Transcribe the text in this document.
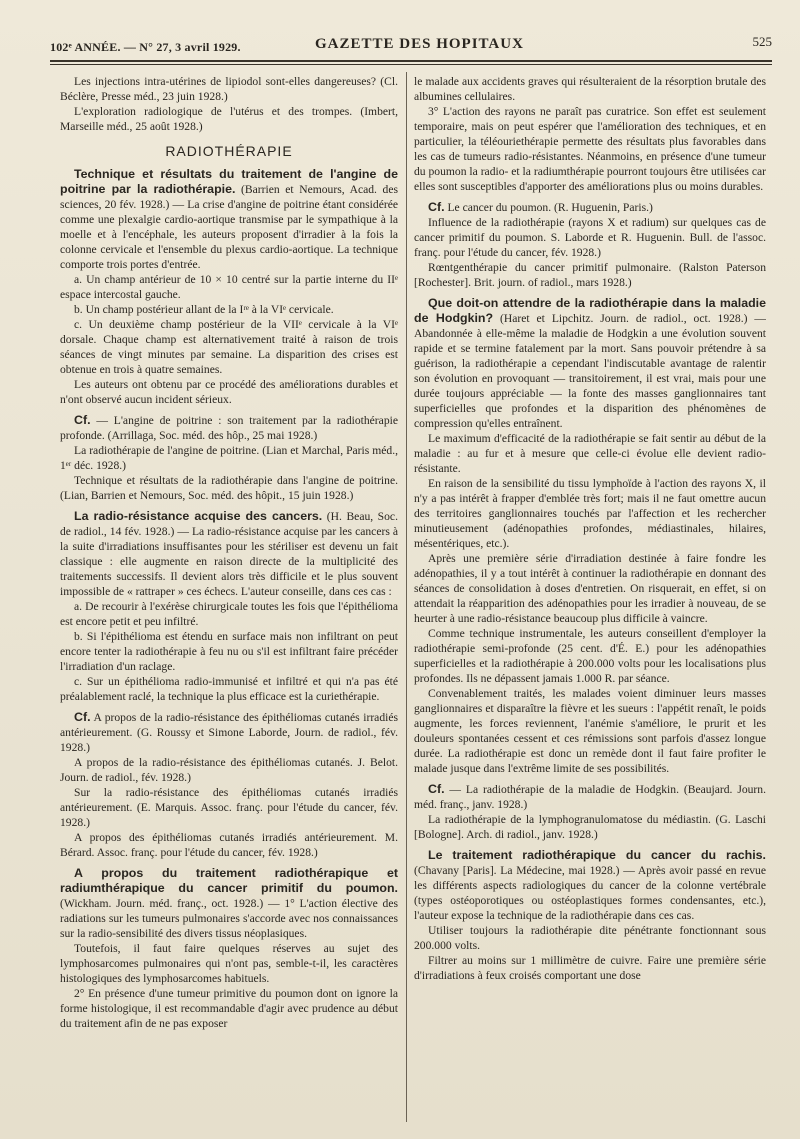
102ᵉ ANNÉE. — N° 27, 3 avril 1929.	GAZETTE DES HOPITAUX	525

Les injections intra-utérines de lipiodol sont-elles dangereuses? (Cl. Béclère, Presse méd., 23 juin 1928.)

L'exploration radiologique de l'utérus et des trompes. (Imbert, Marseille méd., 25 août 1928.)

RADIOTHÉRAPIE

Technique et résultats du traitement de l'angine de poitrine par la radiothérapie. (Barrien et Nemours, Acad. des sciences, 20 fév. 1928.) — La crise d'angine de poitrine étant considérée comme une plexalgie cardio-aortique transmise par le sympathique à la moelle et à l'encéphale, les auteurs proposent d'irradier à la fois la colonne cervicale et l'ensemble du plexus cardio-aortique. La technique comporte trois portes d'entrée.

a. Un champ antérieur de 10 × 10 centré sur la partie interne du IIᵉ espace intercostal gauche.

b. Un champ postérieur allant de la Iʳᵉ à la VIᵉ cervicale.

c. Un deuxième champ postérieur de la VIIᵉ cervicale à la VIᵉ dorsale. Chaque champ est alternativement traité à raison de trois séances de vingt minutes par semaine. La disparition des crises est obtenue en trois à quatre semaines.

Les auteurs ont obtenu par ce procédé des améliorations durables et n'ont observé aucun incident sérieux.

Cf. — L'angine de poitrine : son traitement par la radiothérapie profonde. (Arrillaga, Soc. méd. des hôp., 25 mai 1928.)

La radiothérapie de l'angine de poitrine. (Lian et Marchal, Paris méd., 1ᵉʳ déc. 1928.)

Technique et résultats de la radiothérapie dans l'angine de poitrine. (Lian, Barrien et Nemours, Soc. méd. des hôpit., 15 juin 1928.)

La radio-résistance acquise des cancers. (H. Beau, Soc. de radiol., 14 fév. 1928.) — La radio-résistance acquise par les cancers à la suite d'irradiations insuffisantes pour les stériliser est devenu un fait classique : elle augmente en raison directe de la multiplicité des traitements successifs. Il devient alors très difficile et le plus souvent impossible de « rattraper » ces échecs. L'auteur conseille, dans ces cas :

a. De recourir à l'exérèse chirurgicale toutes les fois que l'épithélioma est encore petit et peu infiltré.

b. Si l'épithélioma est étendu en surface mais non infiltrant on peut encore tenter la radiothérapie à feu nu ou s'il est infiltrant faire précéder l'irradiation d'un raclage.

c. Sur un épithélioma radio-immunisé et infiltré et qui n'a pas été préalablement raclé, la technique la plus efficace est la curiethérapie.

Cf. A propos de la radio-résistance des épithéliomas cutanés irradiés antérieurement. (G. Roussy et Simone Laborde, Journ. de radiol., fév. 1928.)

A propos de la radio-résistance des épithéliomas cutanés. J. Belot. Journ. de radiol., fév. 1928.)

Sur la radio-résistance des épithéliomas cutanés irradiés antérieurement. (E. Marquis. Assoc. franç. pour l'étude du cancer, fév. 1928.)

A propos des épithéliomas cutanés irradiés antérieurement. M. Bérard. Assoc. franç. pour l'étude du cancer, fév. 1928.)

A propos du traitement radiothérapique et radiumthérapique du cancer primitif du poumon. (Wickham. Journ. méd. franç., oct. 1928.) — 1° L'action élective des radiations sur les tumeurs pulmonaires s'accorde avec nos connaissances sur la radio-sensibilité des divers tissus néoplasiques.

Toutefois, il faut faire quelques réserves au sujet des lymphosarcomes pulmonaires qui n'ont pas, semble-t-il, les caractères histologiques des lymphosarcomes habituels.

2° En présence d'une tumeur primitive du poumon dont on ignore la forme histologique, il est recommandable d'agir avec prudence au début du traitement afin de ne pas exposer

le malade aux accidents graves qui résulteraient de la résorption brutale des albumines cellulaires.

3° L'action des rayons ne paraît pas curatrice. Son effet est seulement temporaire, mais on peut espérer que l'amélioration des techniques, et en particulier, la téléouriethérapie permette des résultats plus favorables dans les cas de tumeurs radio-résistantes. Néanmoins, en présence d'une tumeur du poumon la radio- et la radiumthérapie pourront toujours être utilisées car elles sont susceptibles d'apporter des améliorations plus ou moins durables.

Cf. Le cancer du poumon. (R. Huguenin, Paris.)

Influence de la radiothérapie (rayons X et radium) sur quelques cas de cancer primitif du poumon. S. Laborde et R. Huguenin. Bull. de l'assoc. franç. pour l'étude du cancer, fév. 1928.)

Rœntgenthérapie du cancer primitif pulmonaire. (Ralston Paterson [Rochester]. Brit. journ. of radiol., mars 1928.)

Que doit-on attendre de la radiothérapie dans la maladie de Hodgkin? (Haret et Lipchitz. Journ. de radiol., oct. 1928.) — Abandonnée à elle-même la maladie de Hodgkin a une évolution souvent rapide et se termine fatalement par la mort. Sans pouvoir prétendre à sa guérison, la radiothérapie a cependant l'indiscutable avantage de ralentir son évolution en provoquant — transitoirement, il est vrai, mais pour une durée toujours appréciable — la fonte des masses ganglionnaires tant superficielles que profondes et la disparition des phénomènes de compression qu'elles entraînent.

Le maximum d'efficacité de la radiothérapie se fait sentir au début de la maladie : au fur et à mesure que celle-ci évolue elle devient radio-résistante.

En raison de la sensibilité du tissu lymphoïde à l'action des rayons X, il n'y a pas intérêt à frapper d'emblée très fort; mais il ne faut omettre aucun des territoires ganglionnaires touchés par l'affection et les rechercher minutieusement (adénopathies profondes, médiastinales, hilaires, mésentériques, etc.).

Après une première série d'irradiation destinée à faire fondre les adénopathies, il y a tout intérêt à continuer la radiothérapie en donnant des séances de consolidation à doses d'entretien. On risquerait, en effet, si on attendait la réapparition des adénopathies pour les irradier à nouveau, de se heurter à une radio-résistance beaucoup plus difficile à vaincre.

Comme technique instrumentale, les auteurs conseillent d'employer la radiothérapie semi-profonde (25 cent. d'É. E.) pour les adénopathies superficielles et la radiothérapie à 200.000 volts pour les localisations plus profondes. Ils ne dépassent jamais 1.000 R. par séance.

Convenablement traités, les malades voient diminuer leurs masses ganglionnaires et disparaître la fièvre et les sueurs : l'appétit renaît, le poids augmente, les forces reviennent, l'anémie s'améliore, le prurit et les douleurs spontanées cessent et ces rémissions sont parfois d'assez longue durée. La radiothérapie est donc un remède dont il faut faire profiter le malade jusque dans l'extrême limite de ses possibilités.

Cf. — La radiothérapie de la maladie de Hodgkin. (Beaujard. Journ. méd. franç., janv. 1928.)

La radiothérapie de la lymphogranulomatose du médiastin. (G. Laschi [Bologne]. Arch. di radiol., janv. 1928.)

Le traitement radiothérapique du cancer du rachis. (Chavany [Paris]. La Médecine, mai 1928.) — Après avoir passé en revue les différents aspects radiologiques du cancer de la colonne vertébrale (types ostéoporotiques ou ostéoplastiques formes condensantes, etc.), l'auteur expose la technique de la radiothérapie dans ces cas.

Utiliser toujours la radiothérapie dite pénétrante fonctionnant sous 200.000 volts.

Filtrer au moins sur 1 millimètre de cuivre. Faire une première série d'irradiations à feux croisés comportant une dose
